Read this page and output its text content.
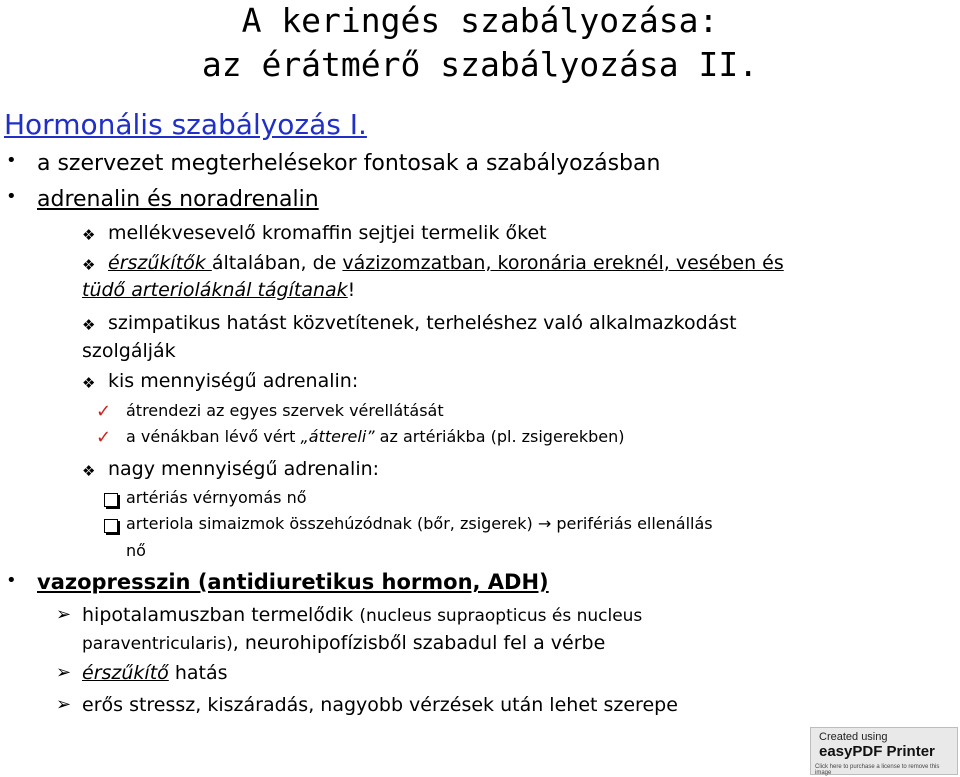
A keringés szabályozása:
az érátmérő szabályozása II.
Hormonális szabályozás I.
• a szervezet megterhelésekor fontosak a szabályozásban
• adrenalin és noradrenalin
❖ mellékvesevelő kromaffin sejtjei termelik őket
❖ érszűkítők általában, de vázizomzatban, koronária ereknél, vesében és
tüdő arterioláknál tágítanak!
❖ szimpatikus hatást közvetítenek, terheléshez való alkalmazkodást
szolgálják
❖ kis mennyiségű adrenalin:
✓ átrendezi az egyes szervek vérellátását
✓ a vénákban lévő vért „áttereli” az artériákba (pl. zsigerekben)
❖ nagy mennyiségű adrenalin:
artériás vérnyomás nő
arteriola simaizmok összehúzódnak (bőr, zsigerek) → perifériás ellenállás
nő
• vazopresszin (antidiuretikus hormon, ADH)
➢ hipotalamuszban termelődik (nucleus supraopticus és nucleus
paraventricularis), neurohipofízisből szabadul fel a vérbe
➢ érszűkítő hatás
➢ erős stressz, kiszáradás, nagyobb vérzések után lehet szerepe
Created using
easyPDF Printer
Click here to purchase a license to remove this image
